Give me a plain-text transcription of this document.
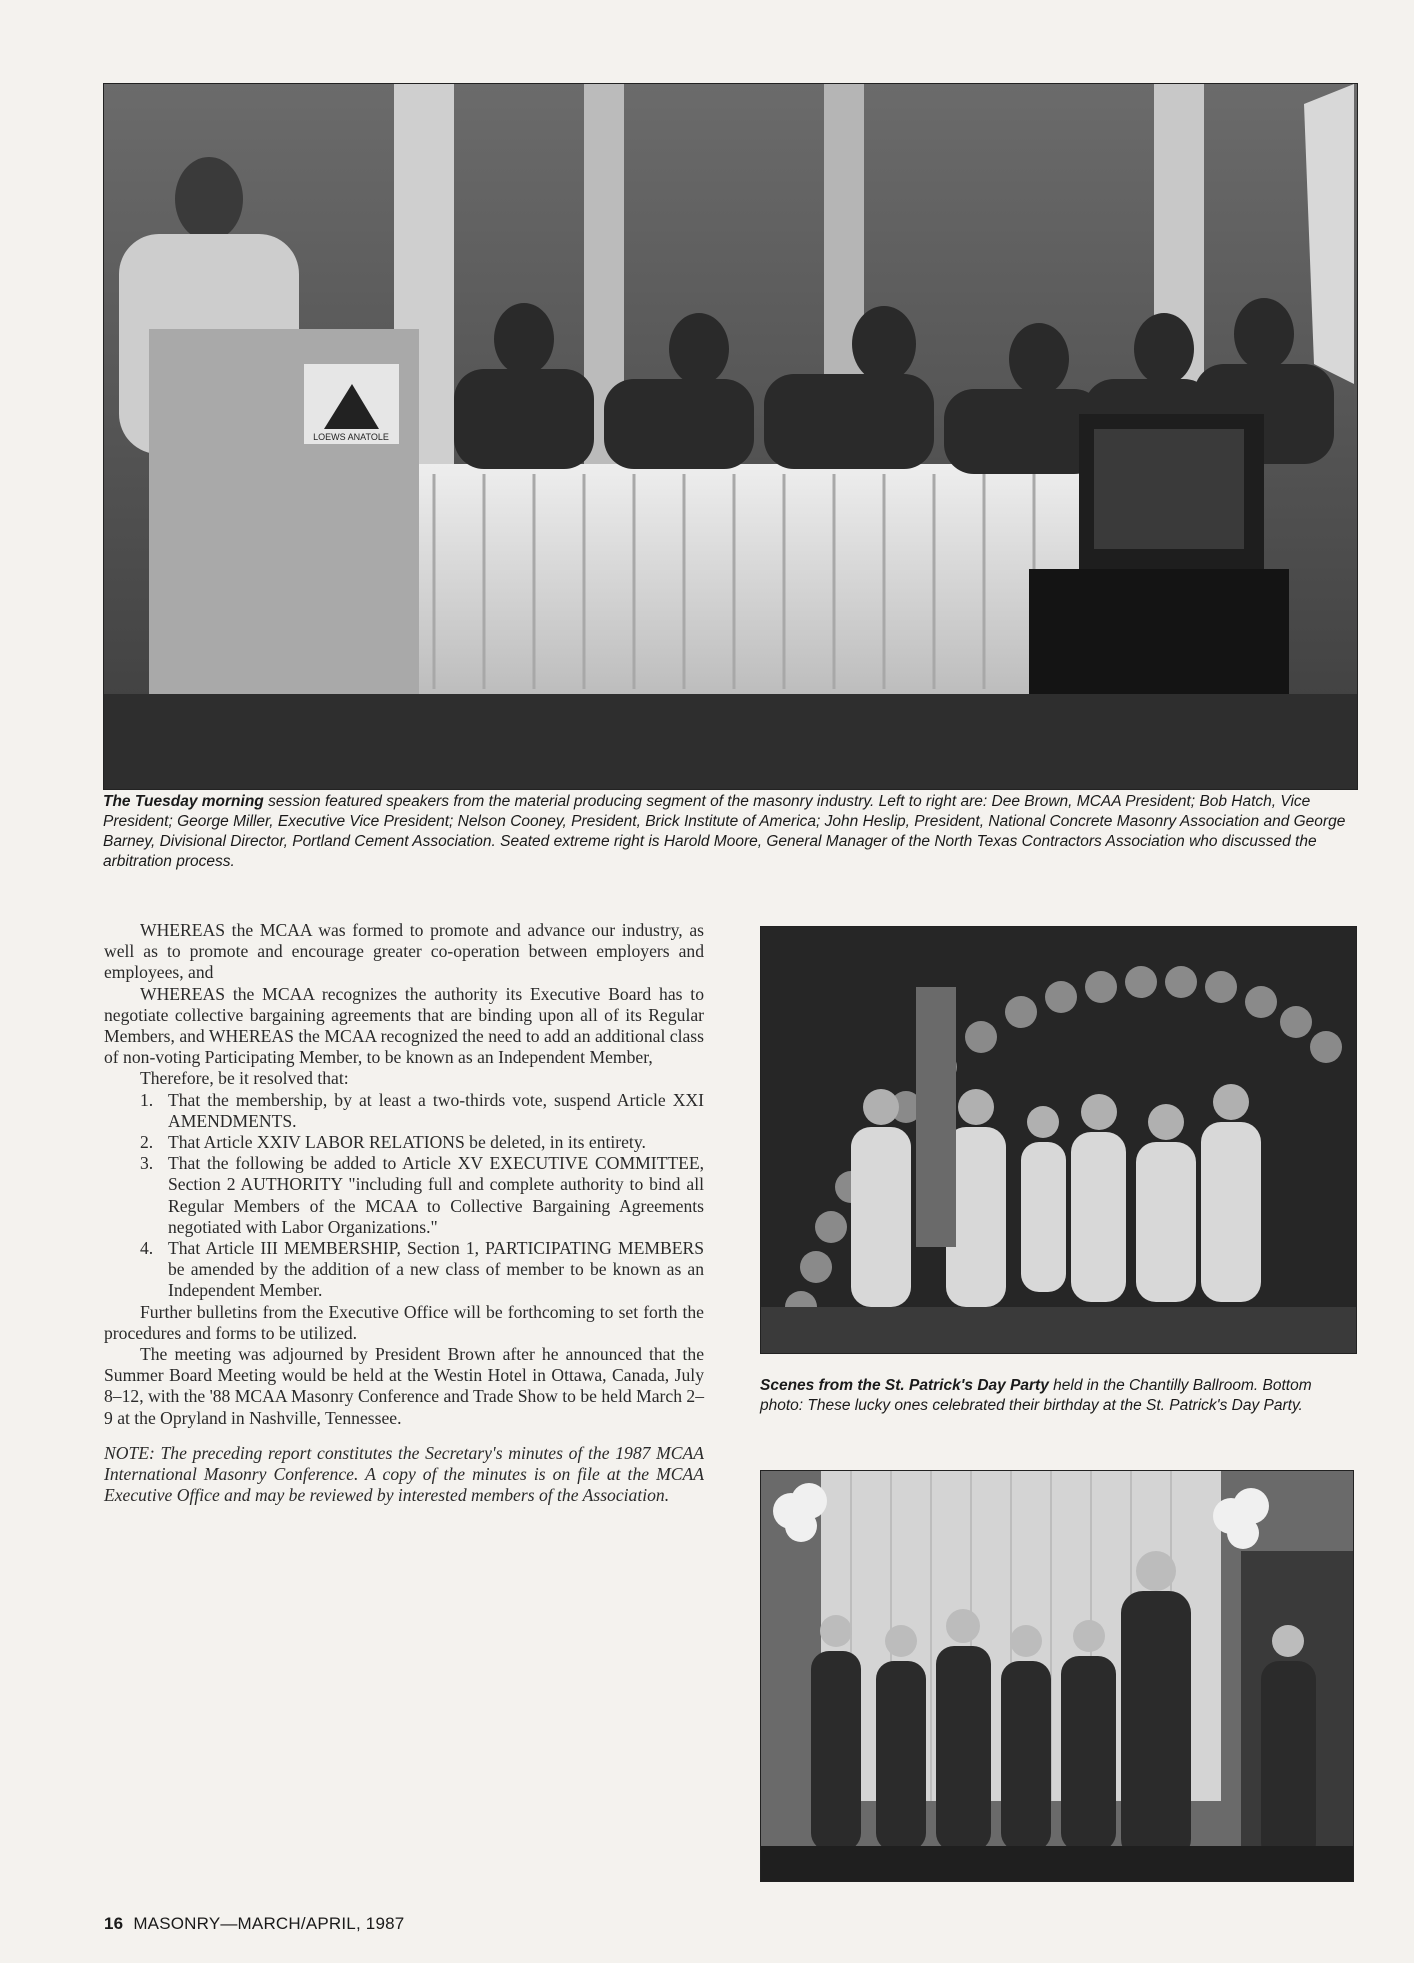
LOEWS ANATOLE
The Tuesday morning session featured speakers from the material producing segment of the masonry industry. Left to right are: Dee Brown, MCAA President; Bob Hatch, Vice President; George Miller, Executive Vice President; Nelson Cooney, President, Brick Institute of America; John Heslip, President, National Concrete Masonry Association and George Barney, Divisional Director, Portland Cement Association. Seated extreme right is Harold Moore, General Manager of the North Texas Contractors Association who discussed the arbitration process.

WHEREAS the MCAA was formed to promote and advance our industry, as well as to promote and encourage greater co-operation between employers and employees, and

WHEREAS the MCAA recognizes the authority its Executive Board has to negotiate collective bargaining agreements that are binding upon all of its Regular Members, and WHEREAS the MCAA recognized the need to add an additional class of non-voting Participating Member, to be known as an Independent Member,

Therefore, be it resolved that:

1. That the membership, by at least a two-thirds vote, suspend Article XXI AMENDMENTS.
2. That Article XXIV LABOR RELATIONS be deleted, in its entirety.
3. That the following be added to Article XV EXECUTIVE COMMITTEE, Section 2 AUTHORITY "including full and complete authority to bind all Regular Members of the MCAA to Collective Bargaining Agreements negotiated with Labor Organizations."
4. That Article III MEMBERSHIP, Section 1, PARTICIPATING MEMBERS be amended by the addition of a new class of member to be known as an Independent Member.

Further bulletins from the Executive Office will be forthcoming to set forth the procedures and forms to be utilized.

The meeting was adjourned by President Brown after he announced that the Summer Board Meeting would be held at the Westin Hotel in Ottawa, Canada, July 8–12, with the '88 MCAA Masonry Conference and Trade Show to be held March 2–9 at the Opryland in Nashville, Tennessee.

NOTE: The preceding report constitutes the Secretary's minutes of the 1987 MCAA International Masonry Conference. A copy of the minutes is on file at the MCAA Executive Office and may be reviewed by interested members of the Association.

Scenes from the St. Patrick's Day Party held in the Chantilly Ballroom. Bottom photo: These lucky ones celebrated their birthday at the St. Patrick's Day Party.
16 MASONRY—MARCH/APRIL, 1987
